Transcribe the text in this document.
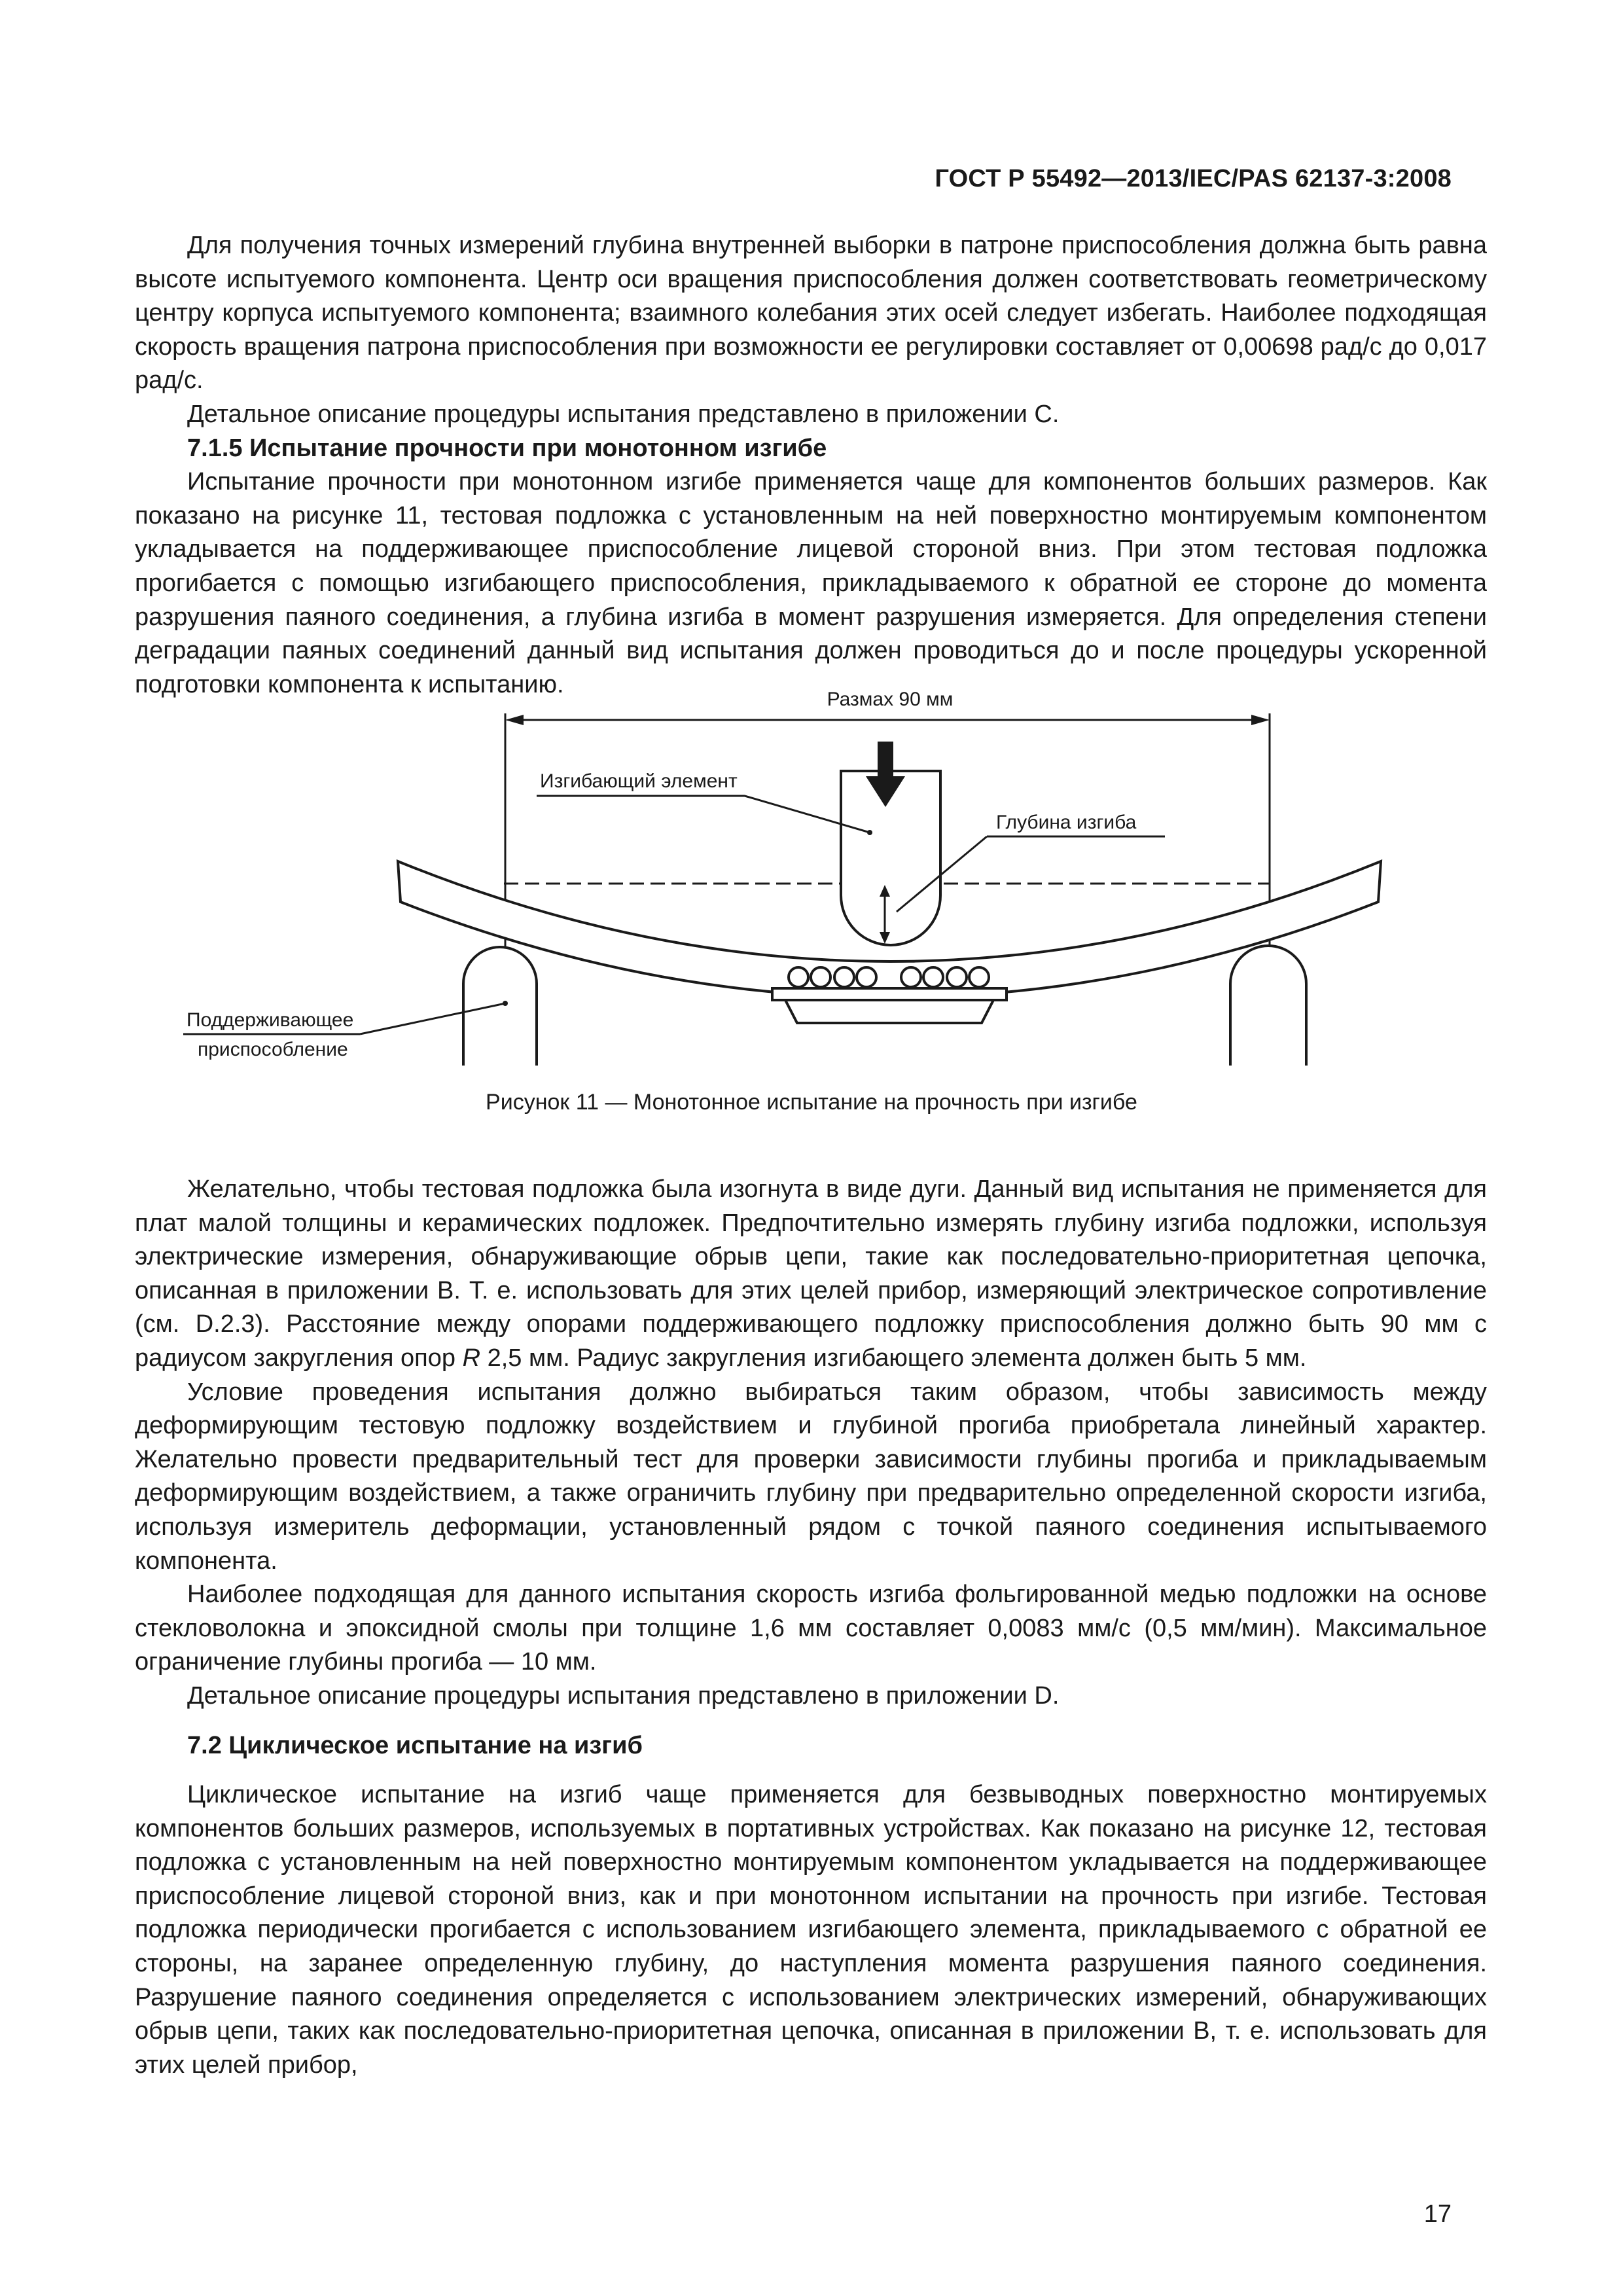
ГОСТ Р 55492—2013/IEC/PAS 62137-3:2008

Для получения точных измерений глубина внутренней выборки в патроне приспособления должна быть равна высоте испытуемого компонента. Центр оси вращения приспособления должен соответствовать геометрическому центру корпуса испытуемого компонента; взаимного колебания этих осей следует избегать. Наиболее подходящая скорость вращения патрона приспособления при возможности ее регулировки составляет от 0,00698 рад/с до 0,017 рад/с.

Детальное описание процедуры испытания представлено в приложении С.

7.1.5 Испытание прочности при монотонном изгибе

Испытание прочности при монотонном изгибе применяется чаще для компонентов больших размеров. Как показано на рисунке 11, тестовая подложка с установленным на ней поверхностно монтируемым компонентом укладывается на поддерживающее приспособление лицевой стороной вниз. При этом тестовая подложка прогибается с помощью изгибающего приспособления, прикладываемого к обратной ее стороне до момента разрушения паяного соединения, а глубина изгиба в момент разрушения измеряется. Для определения степени деградации паяных соединений данный вид испытания должен проводиться до и после процедуры ускоренной подготовки компонента к испытанию.

Размах 90 мм
Глубина изгиба
Изгибающий элемент
Поддерживающее
приспособление
Рисунок 11 — Монотонное испытание на прочность при изгибе

Желательно, чтобы тестовая подложка была изогнута в виде дуги. Данный вид испытания не применяется для плат малой толщины и керамических подложек. Предпочтительно измерять глубину изгиба подложки, используя электрические измерения, обнаруживающие обрыв цепи, такие как последовательно-приоритетная цепочка, описанная в приложении В. Т. е. использовать для этих целей прибор, измеряющий электрическое сопротивление (см. D.2.3). Расстояние между опорами поддерживающего подложку приспособления должно быть 90 мм с радиусом закругления опор R 2,5 мм. Радиус закругления изгибающего элемента должен быть 5 мм.

Условие проведения испытания должно выбираться таким образом, чтобы зависимость между деформирующим тестовую подложку воздействием и глубиной прогиба приобретала линейный характер. Желательно провести предварительный тест для проверки зависимости глубины прогиба и прикладываемым деформирующим воздействием, а также ограничить глубину при предварительно определенной скорости изгиба, используя измеритель деформации, установленный рядом с точкой паяного соединения испытываемого компонента.

Наиболее подходящая для данного испытания скорость изгиба фольгированной медью подложки на основе стекловолокна и эпоксидной смолы при толщине 1,6 мм составляет 0,0083 мм/с (0,5 мм/мин). Максимальное ограничение глубины прогиба — 10 мм.

Детальное описание процедуры испытания представлено в приложении D.

7.2 Циклическое испытание на изгиб

Циклическое испытание на изгиб чаще применяется для безвыводных поверхностно монтируемых компонентов больших размеров, используемых в портативных устройствах. Как показано на рисунке 12, тестовая подложка с установленным на ней поверхностно монтируемым компонентом укладывается на поддерживающее приспособление лицевой стороной вниз, как и при монотонном испытании на прочность при изгибе. Тестовая подложка периодически прогибается с использованием изгибающего элемента, прикладываемого с обратной ее стороны, на заранее определенную глубину, до наступления момента разрушения паяного соединения. Разрушение паяного соединения определяется с использованием электрических измерений, обнаруживающих обрыв цепи, таких как последовательно-приоритетная цепочка, описанная в приложении В, т. е. использовать для этих целей прибор,

17
